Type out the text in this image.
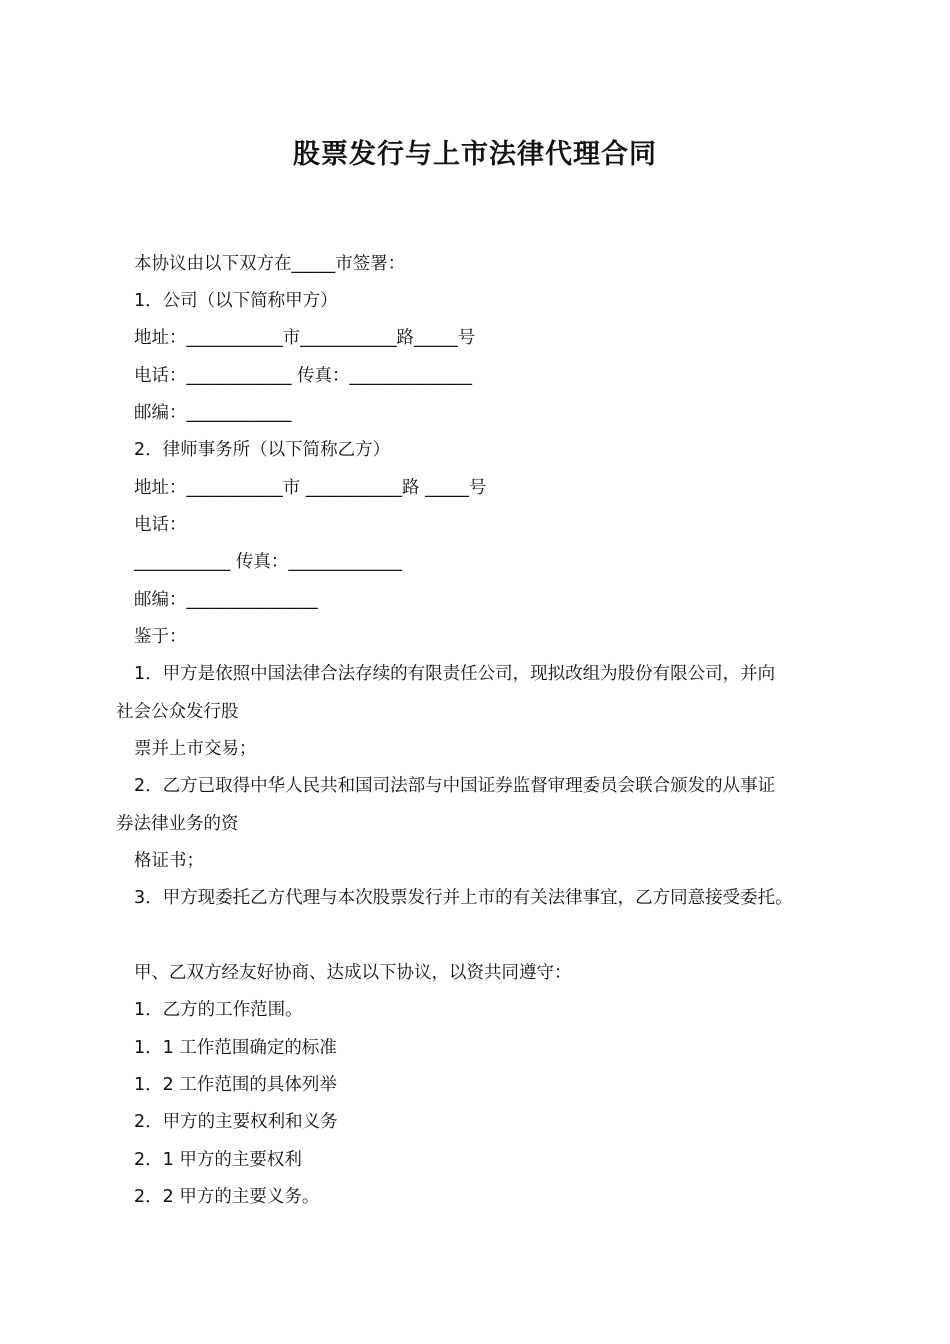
股票发行与上市法律代理合同
本协议由以下双方在_____市签署：
1．公司（以下简称甲方）
地址：___________市___________路_____号
电话：____________ 传真：______________
邮编：____________
2．律师事务所（以下简称乙方）
地址：___________市 ___________路 _____号
电话：
___________ 传真：_____________
邮编：_______________
鉴于：
1．甲方是依照中国法律合法存续的有限责任公司，现拟改组为股份有限公司，并向
社会公众发行股
票并上市交易；
2．乙方已取得中华人民共和国司法部与中国证券监督审理委员会联合颁发的从事证
券法律业务的资
格证书；
3．甲方现委托乙方代理与本次股票发行并上市的有关法律事宜，乙方同意接受委托。
甲、乙双方经友好协商、达成以下协议，以资共同遵守：
1．乙方的工作范围。
1．1 工作范围确定的标准
1．2 工作范围的具体列举
2．甲方的主要权利和义务
2．1 甲方的主要权利
2．2 甲方的主要义务。
